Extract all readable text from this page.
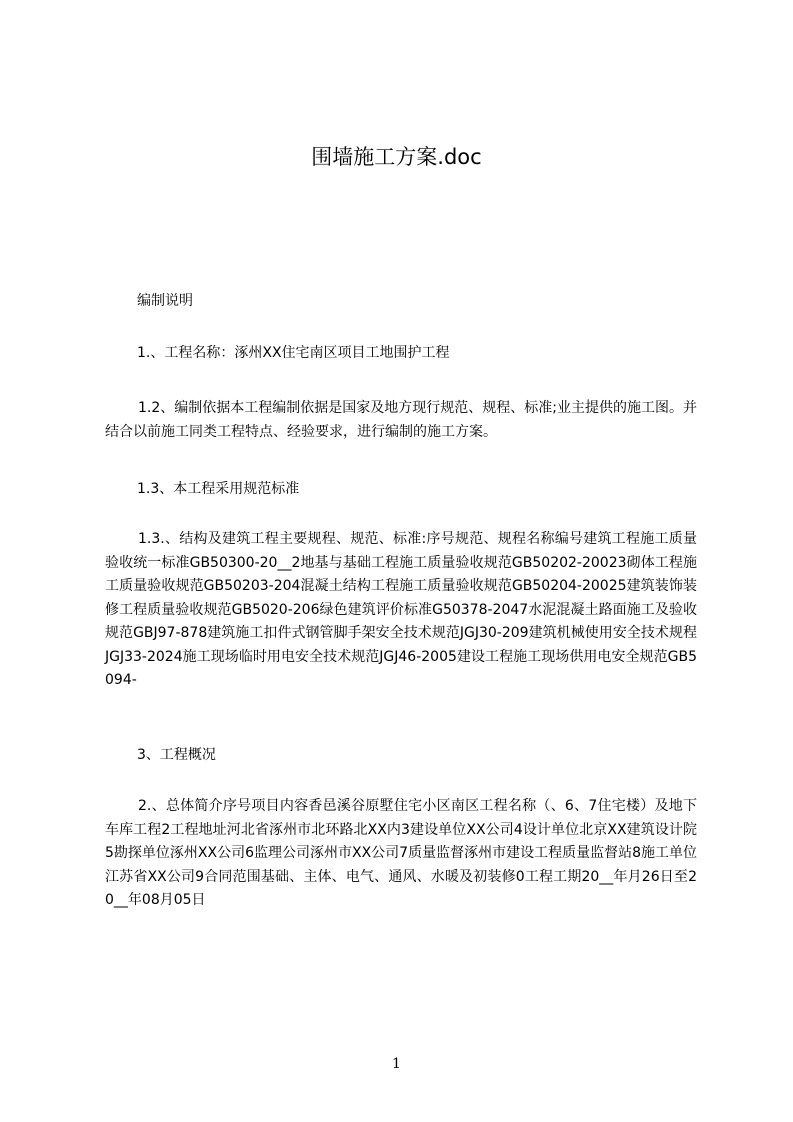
围墙施工方案.doc

编制说明

1.、工程名称：涿州XX住宅南区项目工地围护工程

1.2、编制依据本工程编制依据是国家及地方现行规范、规程、标准;业主提供的施工图。并结合以前施工同类工程特点、经验要求，进行编制的施工方案。

1.3、本工程采用规范标准

1.3.、结构及建筑工程主要规程、规范、标准:序号规范、规程名称编号建筑工程施工质量验收统一标准GB50300-20__2地基与基础工程施工质量验收规范GB50202-20023砌体工程施工质量验收规范GB50203-204混凝土结构工程施工质量验收规范GB50204-20025建筑装饰装修工程质量验收规范GB5020-206绿色建筑评价标准G50378-2047水泥混凝土路面施工及验收规范GBJ97-878建筑施工扣件式钢管脚手架安全技术规范JGJ30-209建筑机械使用安全技术规程JGJ33-2024施工现场临时用电安全技术规范JGJ46-2005建设工程施工现场供用电安全规范GB5094-

3、工程概况

2.、总体简介序号项目内容香邑溪谷原墅住宅小区南区工程名称（、6、7住宅楼）及地下车库工程2工程地址河北省涿州市北环路北XX内3建设单位XX公司4设计单位北京XX建筑设计院5勘探单位涿州XX公司6监理公司涿州市XX公司7质量监督涿州市建设工程质量监督站8施工单位江苏省XX公司9合同范围基础、主体、电气、通风、水暖及初装修0工程工期20__年月26日至20__年08月05日

1
